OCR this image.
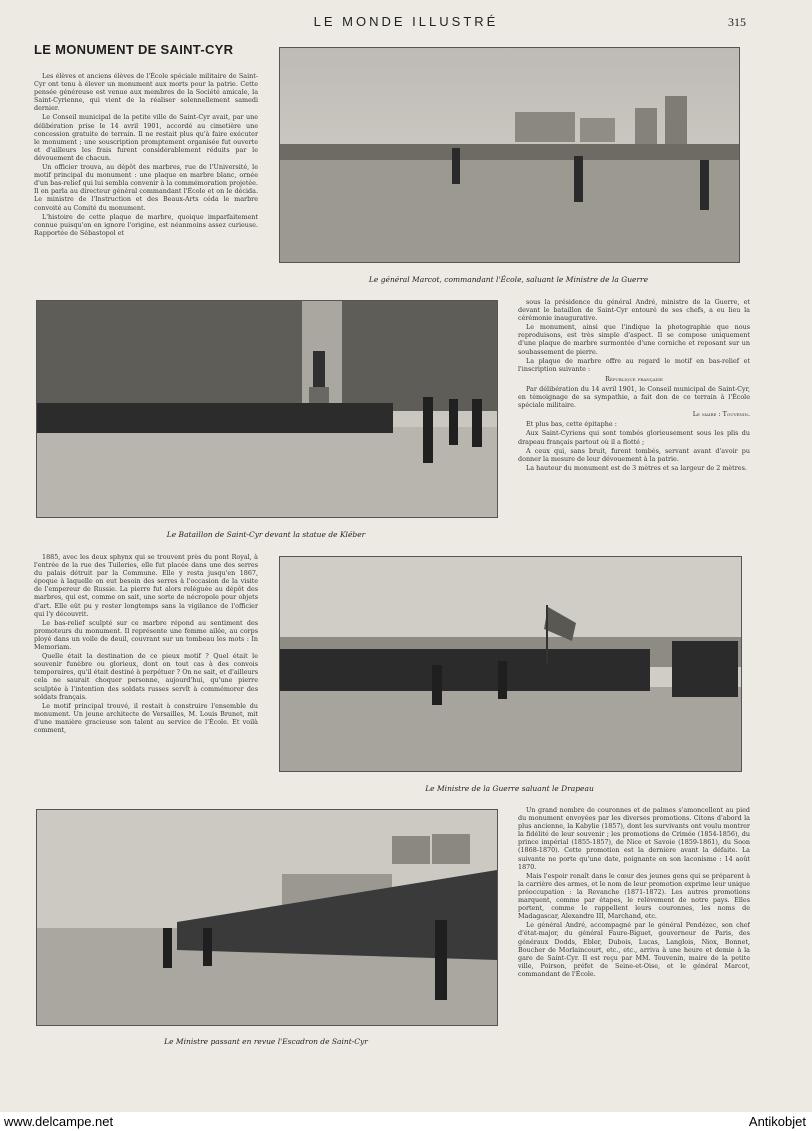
LE MONDE ILLUSTRÉ	315
LE MONUMENT DE SAINT-CYR

Les élèves et anciens élèves de l'École spéciale militaire de Saint-Cyr ont tenu à élever un monument aux morts pour la patrie. Cette pensée généreuse est venue aux membres de la Société amicale, la Saint-Cyrienne, qui vient de la réaliser solennellement samedi dernier.

Le Conseil municipal de la petite ville de Saint-Cyr avait, par une délibération prise le 14 avril 1901, accordé au cimetière une concession gratuite de terrain. Il ne restait plus qu'à faire exécuter le monument ; une souscription promptement organisée fut ouverte et d'ailleurs les frais furent considérablement réduits par le dévouement de chacun.

Un officier trouva, au dépôt des marbres, rue de l'Université, le motif principal du monument : une plaque en marbre blanc, ornée d'un bas-relief qui lui sembla convenir à la commémoration projetée. Il en parla au directeur général commandant l'École et on le décida. Le ministre de l'Instruction et des Beaux-Arts céda le marbre convoité au Comité du monument.

L'histoire de cette plaque de marbre, quoique imparfaitement connue puisqu'on en ignore l'origine, est néanmoins assez curieuse. Rapportée de Sébastopol et

Le général Marcot, commandant l'École, saluant le Ministre de la Guerre
Le Bataillon de Saint-Cyr devant la statue de Kléber

sous la présidence du général André, ministre de la Guerre, et devant le bataillon de Saint-Cyr entouré de ses chefs, a eu lieu la cérémonie inaugurative.

Le monument, ainsi que l'indique la photographie que nous reproduisons, est très simple d'aspect. Il se compose uniquement d'une plaque de marbre surmontée d'une corniche et reposant sur un soubassement de pierre.

La plaque de marbre offre au regard le motif en bas-relief et l'inscription suivante :

République française

Par délibération du 14 avril 1901, le Conseil municipal de Saint-Cyr, en témoignage de sa sympathie, a fait don de ce terrain à l'École spéciale militaire.

Le maire : Touvenin.

Et plus bas, cette épitaphe :

Aux Saint-Cyriens qui sont tombés glorieusement sous les plis du drapeau français partout où il a flotté ;

A ceux qui, sans bruit, furent tombés, servant avant d'avoir pu donner la mesure de leur dévouement à la patrie.

La hauteur du monument est de 3 mètres et sa largeur de 2 mètres.

1885, avec les deux sphynx qui se trouvent près du pont Royal, à l'entrée de la rue des Tuileries, elle fut placée dans une des serres du palais détruit par la Commune. Elle y resta jusqu'en 1867, époque à laquelle on eut besoin des serres à l'occasion de la visite de l'empereur de Russie. La pierre fut alors reléguée au dépôt des marbres, qui est, comme on sait, une sorte de nécropole pour objets d'art. Elle eût pu y rester longtemps sans la vigilance de l'officier qui l'y découvrit.

Le bas-relief sculpté sur ce marbre répond au sentiment des promoteurs du monument. Il représente une femme ailée, au corps ployé dans un voile de deuil, couvrant sur un tombeau les mots : In Memoriam.

Quelle était la destination de ce pieux motif ? Quel était le souvenir funèbre ou glorieux, dont on tout cas à des convois temporaires, qu'il était destiné à perpétuer ? On ne sait, et d'ailleurs cela ne saurait choquer personne, aujourd'hui, qu'une pierre sculptée à l'intention des soldats russes servît à commémorer des soldats français.

Le motif principal trouvé, il restait à construire l'ensemble du monument. Un jeune architecte de Versailles, M. Louis Brunet, mit d'une manière gracieuse son talent au service de l'École. Et voilà comment,

Le Ministre de la Guerre saluant le Drapeau
Le Ministre passant en revue l'Escadron de Saint-Cyr

Un grand nombre de couronnes et de palmes s'amoncellent au pied du monument envoyées par les diverses promotions. Citons d'abord la plus ancienne, la Kabylie (1857), dont les survivants ont voulu montrer la fidélité de leur souvenir ; les promotions de Crimée (1854-1856), du prince impérial (1855-1857), de Nice et Savoie (1859-1861), du Soon (1868-1870). Cette promotion est la dernière avant la défaite. La suivante ne porte qu'une date, poignante en son laconisme : 14 août 1870.

Mais l'espoir renaît dans le cœur des jeunes gens qui se préparent à la carrière des armes, et le nom de leur promotion exprime leur unique préoccupation : la Revanche (1871-1872). Les autres promotions marquent, comme par étapes, le relèvement de notre pays. Elles portent, comme le rappellent leurs couronnes, les noms de Madagascar, Alexandre III, Marchand, etc.

Le général André, accompagné par le général Pendézec, son chef d'état-major, du général Faure-Biguet, gouverneur de Paris, des généraux Dodds, Ebler, Dubois, Lucas, Langlois, Niox, Bonnet, Boucher de Morlaincourt, etc., etc., arriva à une heure et demie à la gare de Saint-Cyr. Il est reçu par MM. Touvenin, maire de la petite ville, Poirson, préfet de Seine-et-Oise, et le général Marcot, commandant de l'École.

www.delcampe.net	Antikobjet
